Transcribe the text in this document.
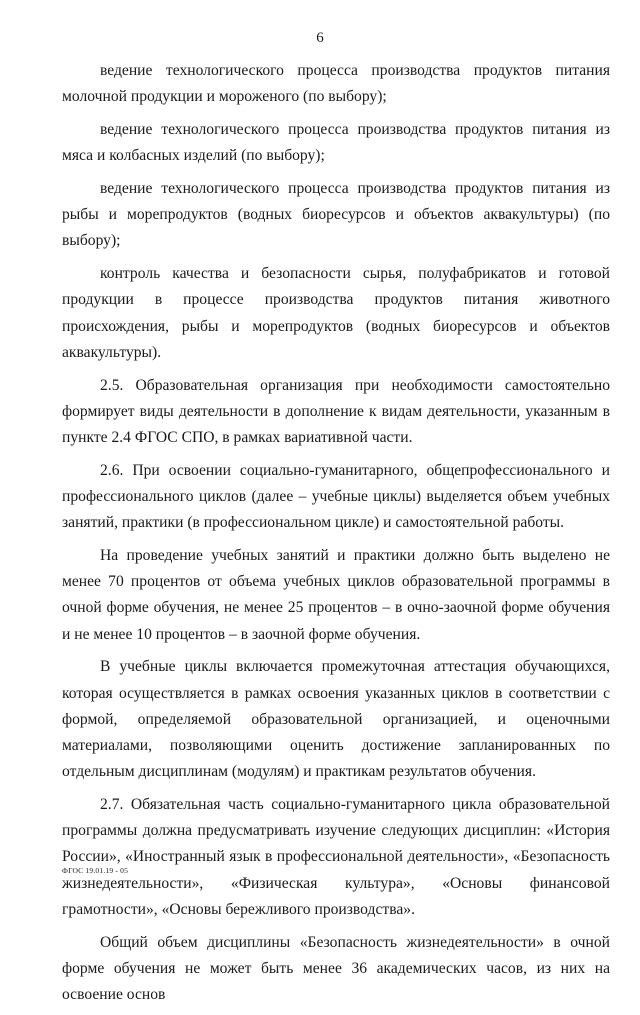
6

ведение технологического процесса производства продуктов питания молочной продукции и мороженого (по выбору);

ведение технологического процесса производства продуктов питания из мяса и колбасных изделий (по выбору);

ведение технологического процесса производства продуктов питания из рыбы и морепродуктов (водных биоресурсов и объектов аквакультуры) (по выбору);

контроль качества и безопасности сырья, полуфабрикатов и готовой продукции в процессе производства продуктов питания животного происхождения, рыбы и морепродуктов (водных биоресурсов и объектов аквакультуры).

2.5. Образовательная организация при необходимости самостоятельно формирует виды деятельности в дополнение к видам деятельности, указанным в пункте 2.4 ФГОС СПО, в рамках вариативной части.

2.6. При освоении социально-гуманитарного, общепрофессионального и профессионального циклов (далее – учебные циклы) выделяется объем учебных занятий, практики (в профессиональном цикле) и самостоятельной работы.

На проведение учебных занятий и практики должно быть выделено не менее 70 процентов от объема учебных циклов образовательной программы в очной форме обучения, не менее 25 процентов – в очно-заочной форме обучения и не менее 10 процентов – в заочной форме обучения.

В учебные циклы включается промежуточная аттестация обучающихся, которая осуществляется в рамках освоения указанных циклов в соответствии с формой, определяемой образовательной организацией, и оценочными материалами, позволяющими оценить достижение запланированных по отдельным дисциплинам (модулям) и практикам результатов обучения.

2.7. Обязательная часть социально-гуманитарного цикла образовательной программы должна предусматривать изучение следующих дисциплин: «История России», «Иностранный язык в профессиональной деятельности», «Безопасность жизнедеятельности», «Физическая культура», «Основы финансовой грамотности», «Основы бережливого производства».

Общий объем дисциплины «Безопасность жизнедеятельности» в очной форме обучения не может быть менее 36 академических часов, из них на освоение основ

ФГОС 19.01.19 - 05
